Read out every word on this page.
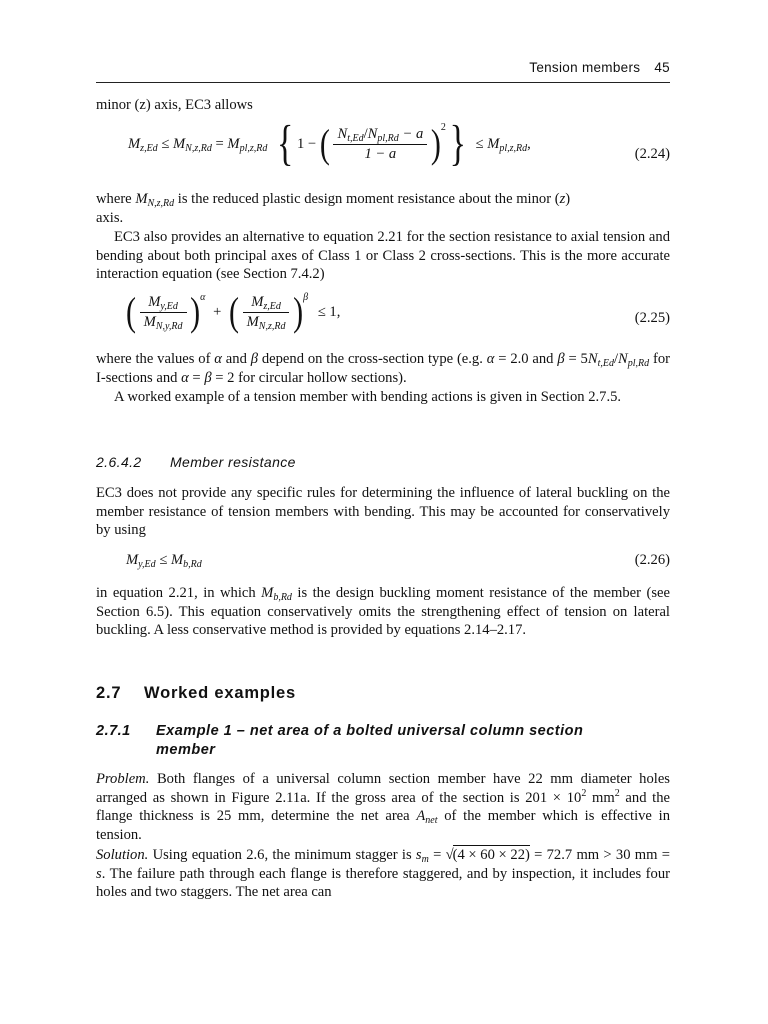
Tension members 45

minor (z) axis, EC3 allows

$M_{z,Ed} \le M_{N,z,Rd} = M_{pl,z,Rd}$ { 1 − ( $\frac{N_{t,Ed}/N_{pl,Rd} - a}{1 - a} )^2$ } ≤ $M_{pl,z,Rd}$,
(2.24)

where $M_{N,z,Rd}$ is the reduced plastic design moment resistance about the minor (z)
axis.

EC3 also provides an alternative to equation 2.21 for the section resistance to axial tension and bending about both principal axes of Class 1 or Class 2 cross-sections. This is the more accurate interaction equation (see Section 7.4.2)

( $\frac{M_{y,Ed}}{M_{N,y,Rd}} )^\alpha$ + ( $\frac{M_{z,Ed}}{M_{N,z,Rd}} )^\beta \le 1$,	(2.25)

where the values of α and β depend on the cross-section type (e.g. α = 2.0 and $\beta = 5N_{t,Ed}/N_{pl,Rd}$ for I-sections and α = β = 2 for circular hollow sections).

A worked example of a tension member with bending actions is given in Section 2.7.5.

2.6.4.2 Member resistance

EC3 does not provide any specific rules for determining the influence of lateral buckling on the member resistance of tension members with bending. This may be accounted for conservatively by using

$M_{y,Ed} \le M_{b,Rd}$	(2.26)

in equation 2.21, in which $M_{b,Rd}$ is the design buckling moment resistance of the member (see Section 6.5). This equation conservatively omits the strengthening effect of tension on lateral buckling. A less conservative method is provided by equations 2.14–2.17.

2.7 Worked examples
2.7.1 Example 1 – net area of a bolted universal column section member

Problem. Both flanges of a universal column section member have 22 mm diameter holes arranged as shown in Figure 2.11a. If the gross area of the section is $201 \times 10^2$ $mm^2$ and the flange thickness is 25 mm, determine the net area $A_{net}$ of the member which is effective in tension.

Solution. Using equation 2.6, the minimum stagger is $s_m = √(4 \times 60 \times 22) = 72.7$ mm > 30 mm = s. The failure path through each flange is therefore staggered, and by inspection, it includes four holes and two staggers. The net area can
